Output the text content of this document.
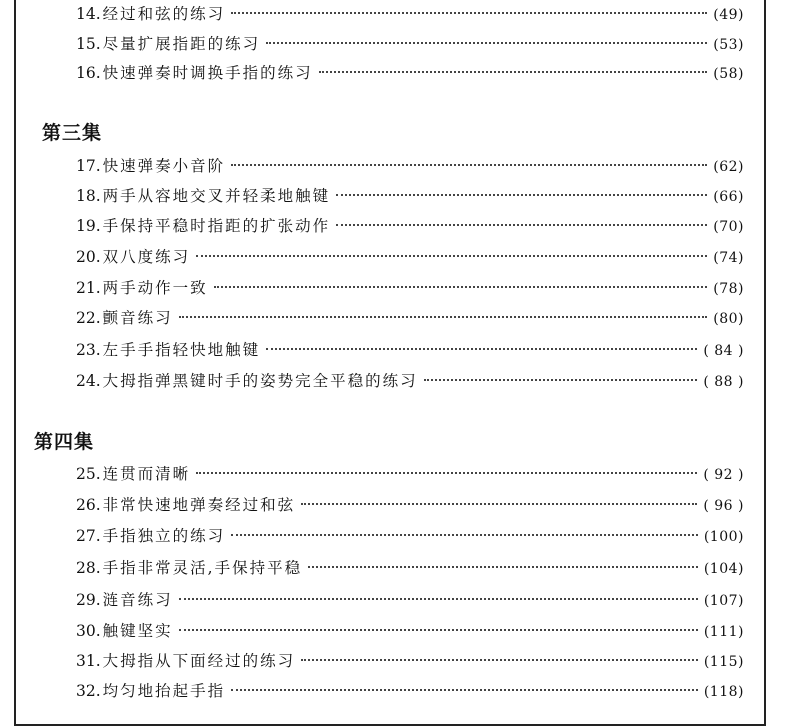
14. 经过和弦的练习	(49)
15. 尽量扩展指距的练习	(53)
16. 快速弹奏时调换手指的练习	(58)
第三集
17. 快速弹奏小音阶	(62)
18. 两手从容地交叉并轻柔地触键	(66)
19. 手保持平稳时指距的扩张动作	(70)
20. 双八度练习	(74)
21. 两手动作一致	(78)
22. 颤音练习	(80)
23. 左手手指轻快地触键	( 84 )
24. 大拇指弹黑键时手的姿势完全平稳的练习	( 88 )
第四集
25. 连贯而清晰	( 92 )
26. 非常快速地弹奏经过和弦	( 96 )
27. 手指独立的练习	(100)
28. 手指非常灵活,手保持平稳	(104)
29. 涟音练习	(107)
30. 触键坚实	(111)
31. 大拇指从下面经过的练习	(115)
32. 均匀地抬起手指	(118)
